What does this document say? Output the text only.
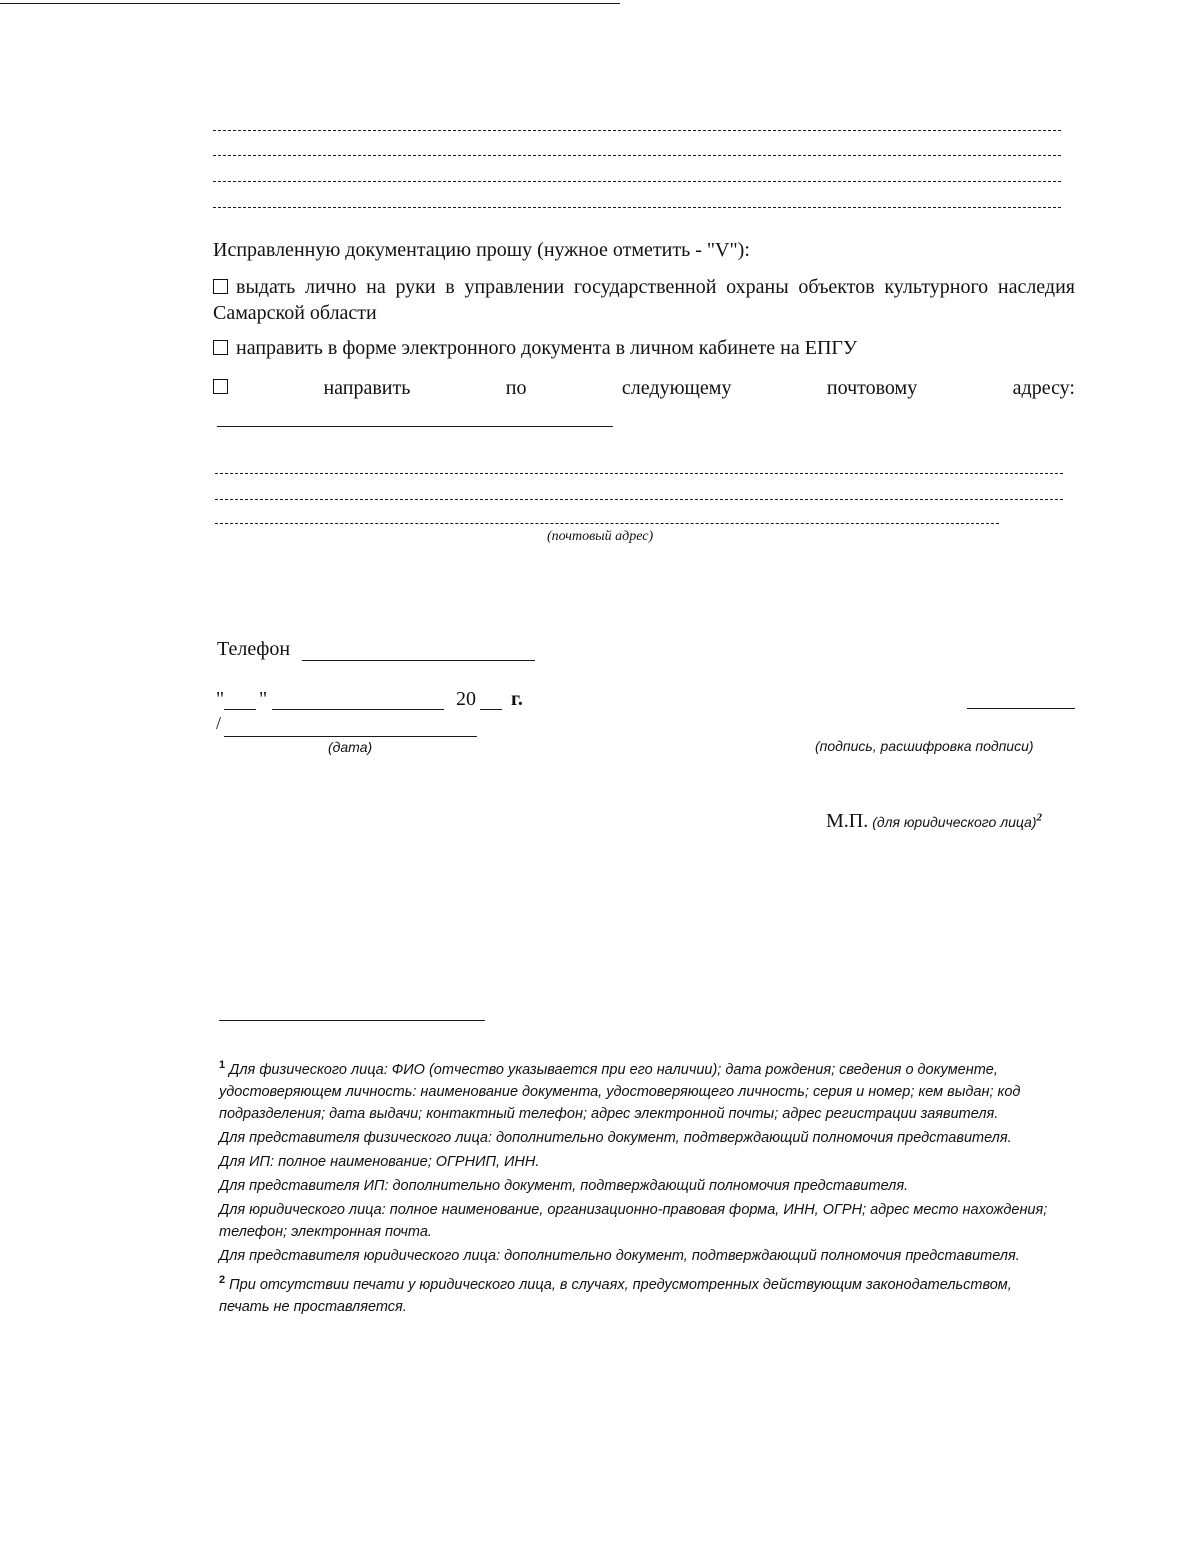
Исправленную документацию прошу (нужное отметить - "V"):
выдать лично на руки в управлении государственной охраны объектов культурного наследия Самарской области
направить в форме электронного документа в личном кабинете на ЕПГУ
направить	по	следующему	почтовому	адресу:
(почтовый адрес)
Телефон
" "	20 г.
/
(дата)	(подпись, расшифровка подписи)
М.П. (для юридического лица)$^2$

$^1$ Для физического лица: ФИО (отчество указывается при его наличии); дата рождения; сведения о документе, удостоверяющем личность: наименование документа, удостоверяющего личность; серия и номер; кем выдан; код подразделения; дата выдачи; контактный телефон; адрес электронной почты; адрес регистрации заявителя.

Для представителя физического лица: дополнительно документ, подтверждающий полномочия представителя.

Для ИП: полное наименование; ОГРНИП, ИНН.

Для представителя ИП: дополнительно документ, подтверждающий полномочия представителя.

Для юридического лица: полное наименование, организационно-правовая форма, ИНН, ОГРН; адрес место нахождения; телефон; электронная почта.

Для представителя юридического лица: дополнительно документ, подтверждающий полномочия представителя.

$^2$ При отсутствии печати у юридического лица, в случаях, предусмотренных действующим законодательством, печать не проставляется.
